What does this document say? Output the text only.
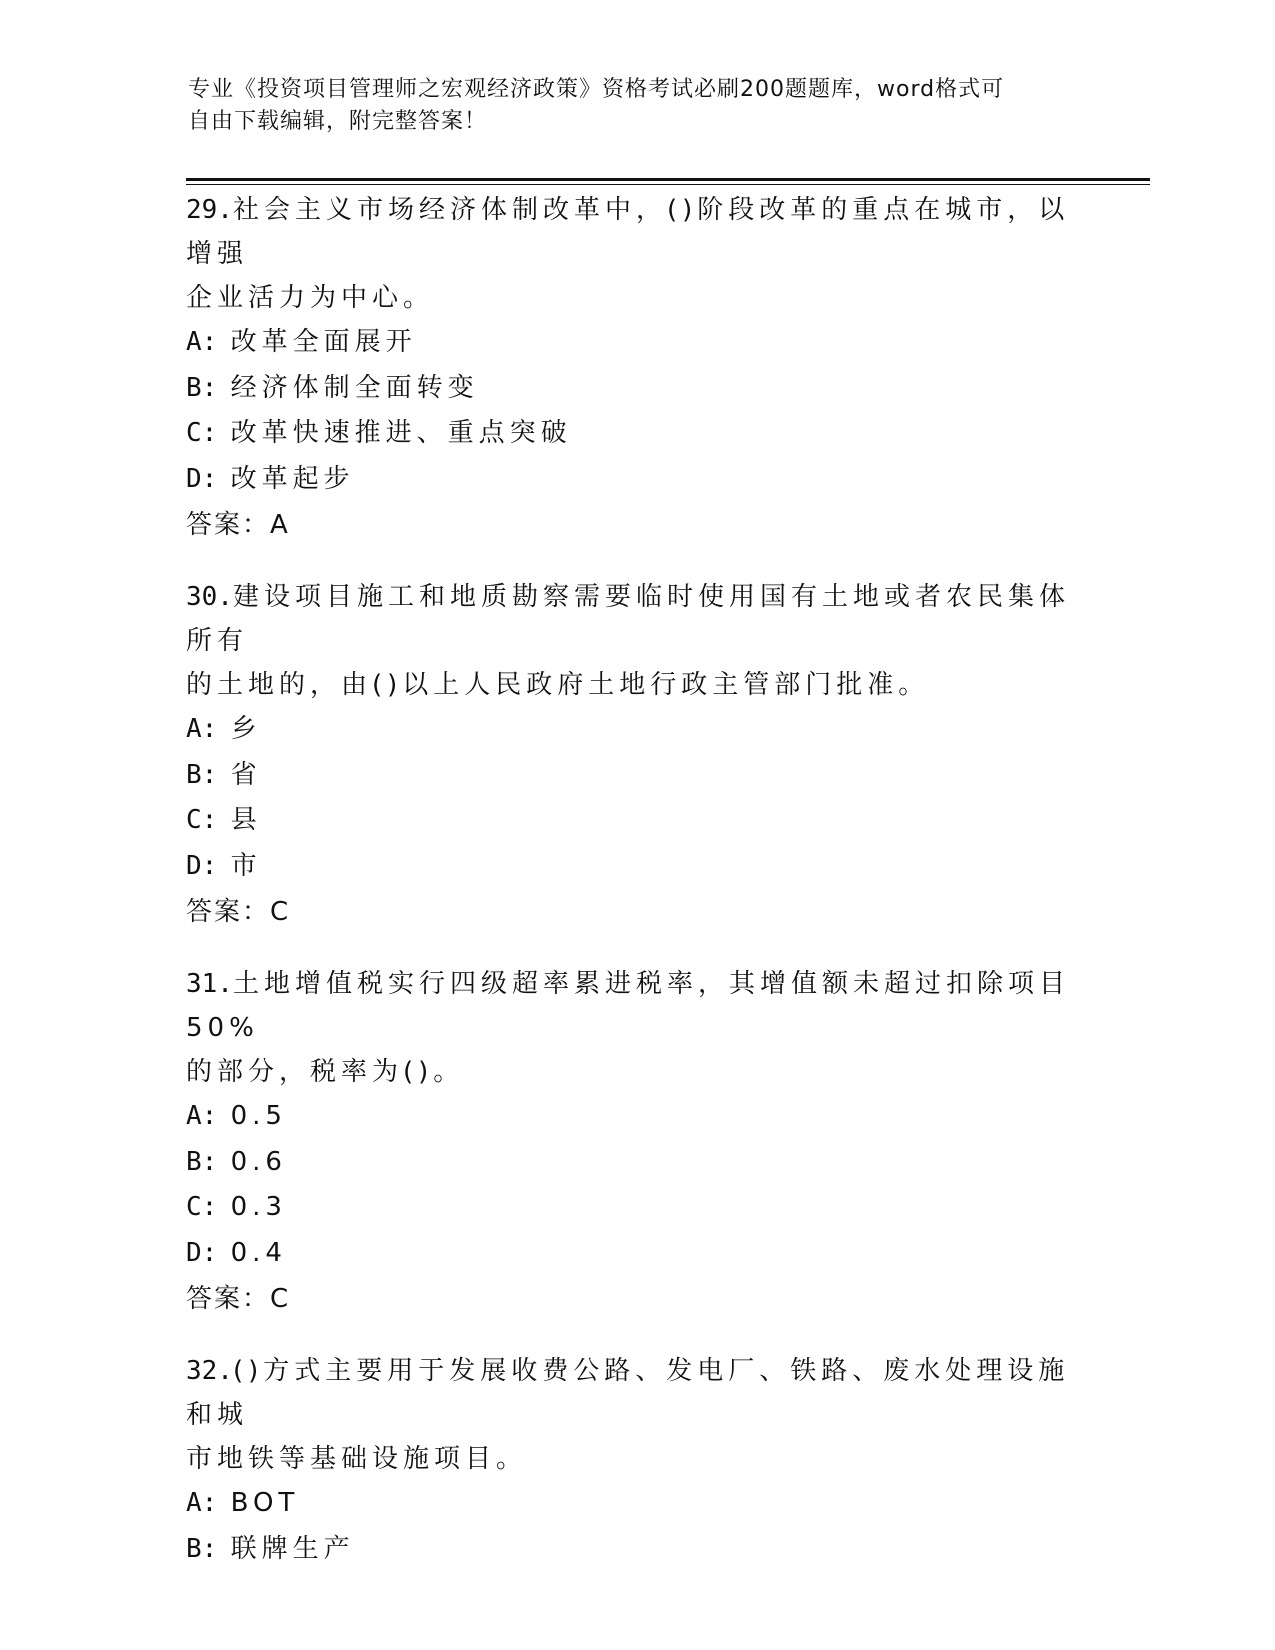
专业《投资项目管理师之宏观经济政策》资格考试必刷200题题库，word格式可
自由下载编辑，附完整答案！

29.社会主义市场经济体制改革中，()阶段改革的重点在城市，以增强

企业活力为中心。

A: 改革全面展开

B: 经济体制全面转变

C: 改革快速推进、重点突破

D: 改革起步

答案：A

30.建设项目施工和地质勘察需要临时使用国有土地或者农民集体所有

的土地的，由()以上人民政府土地行政主管部门批准。

A: 乡

B: 省

C: 县

D: 市

答案：C

31.土地增值税实行四级超率累进税率，其增值额未超过扣除项目50%

的部分，税率为()。

A: 0.5

B: 0.6

C: 0.3

D: 0.4

答案：C

32.()方式主要用于发展收费公路、发电厂、铁路、废水处理设施和城

市地铁等基础设施项目。

A: BOT

B: 联牌生产
